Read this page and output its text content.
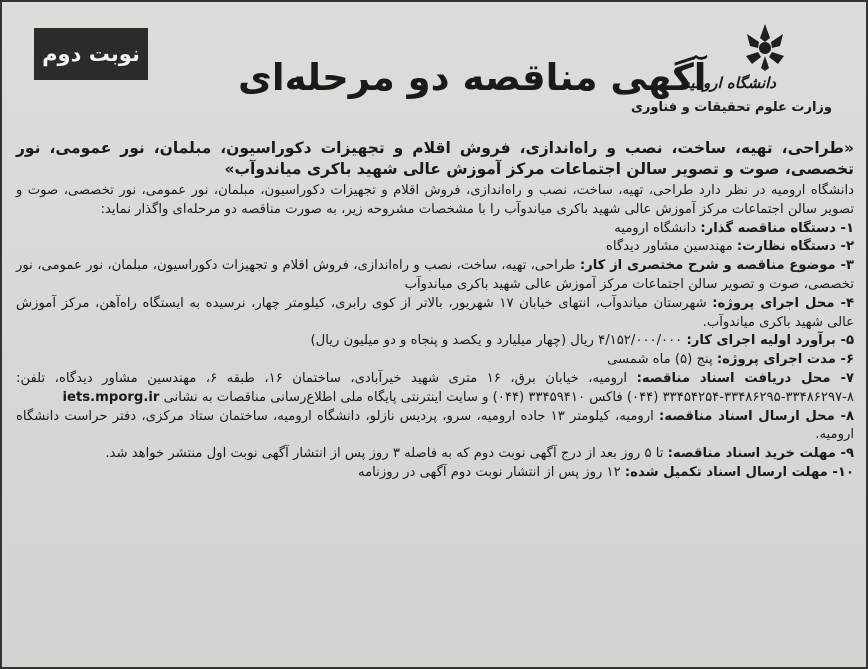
نوبت دوم
آگهی مناقصه دو مرحله‌ای
دانشگاه ارومیه
وزارت علوم تحقیقات و فناوری
«طراحی، تهیه، ساخت، نصب و راه‌اندازی، فروش اقلام و تجهیزات دکوراسیون، مبلمان، نور عمومی، نور تخصصی، صوت و تصویر سالن اجتماعات مرکز آموزش عالی شهید باکری میاندوآب»
دانشگاه ارومیه در نظر دارد طراحی، تهیه، ساخت، نصب و راه‌اندازی، فروش اقلام و تجهیزات دکوراسیون، مبلمان، نور عمومی، نور تخصصی، صوت و تصویر سالن اجتماعات مرکز آموزش عالی شهید باکری میاندوآب را با مشخصات مشروحه زیر، به صورت مناقصه دو مرحله‌ای واگذار نماید:

۱- دستگاه مناقصه گذار: دانشگاه ارومیه

۲- دستگاه نظارت: مهندسین مشاور دیدگاه

۳- موضوع مناقصه و شرح مختصری از کار: طراحی، تهیه، ساخت، نصب و راه‌اندازی، فروش اقلام و تجهیزات دکوراسیون، مبلمان، نور عمومی، نور تخصصی، صوت و تصویر سالن اجتماعات مرکز آموزش عالی شهید باکری میاندوآب

۴- محل اجرای پروژه: شهرستان میاندوآب، انتهای خیابان ۱۷ شهریور، بالاتر از کوی رابری، کیلومتر چهار، نرسیده به ایستگاه راه‌آهن، مرکز آموزش عالی شهید باکری میاندوآب.

۵- برآورد اولیه اجرای کار: ۴/۱۵۲/۰۰۰/۰۰۰ ریال (چهار میلیارد و یکصد و پنجاه و دو میلیون ریال)

۶- مدت اجرای پروژه: پنج (۵) ماه شمسی

۷- محل دریافت اسناد مناقصه: ارومیه، خیابان برق، ۱۶ متری شهید خیرآبادی، ساختمان ۱۶، طبقه ۶، مهندسین مشاور دیدگاه، تلفن: ۸-۳۳۴۸۶۲۹۷-۳۳۴۸۶۲۹۵-۳۳۴۵۴۲۵۴ (۰۴۴) فاکس ۳۳۴۵۹۴۱۰ (۰۴۴) و سایت اینترنتی پایگاه ملی اطلاع‌رسانی مناقصات به نشانی iets.mporg.ir

۸- محل ارسال اسناد مناقصه: ارومیه، کیلومتر ۱۳ جاده ارومیه، سرو، پردیس نازلو، دانشگاه ارومیه، ساختمان ستاد مرکزی، دفتر حراست دانشگاه ارومیه.

۹- مهلت خرید اسناد مناقصه: تا ۵ روز بعد از درج آگهی نوبت دوم که به فاصله ۳ روز پس از انتشار آگهی نوبت اول منتشر خواهد شد.

۱۰- مهلت ارسال اسناد تکمیل شده: ۱۲ روز پس از انتشار نوبت دوم آگهی در روزنامه
